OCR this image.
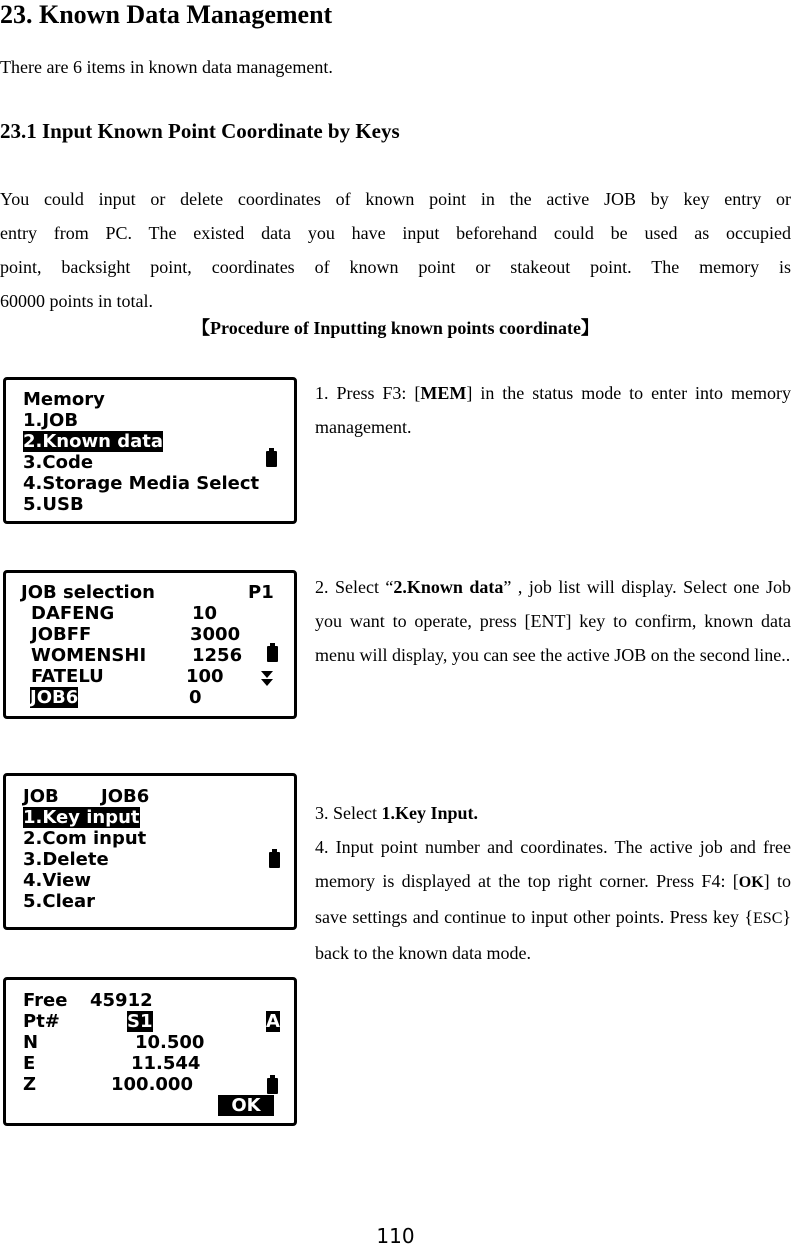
23. Known Data Management
There are 6 items in known data management.
23.1 Input Known Point Coordinate by Keys
You could input or delete coordinates of known point in the active JOB by key entry or
entry from PC. The existed data you have input beforehand could be used as occupied
point, backsight point, coordinates of known point or stakeout point. The memory is
60000 points in total.
【Procedure of Inputting known points coordinate】
Memory
1.JOB
2.Known data
3.Code
4.Storage Media Select
5.USB
1. Press F3: [MEM] in the status mode to enter into memory management.
JOB selection	P1
DAFENG	10
JOBFF	3000
WOMENSHI	1256
FATELU	100
JOB6	0
2. Select “2.Known data” , job list will display. Select one Job you want to operate, press [ENT] key to confirm, known data menu will display, you can see the active JOB on the second line..
JOB JOB6
1.Key input
2.Com input
3.Delete
4.View
5.Clear
3. Select 1.Key Input.
4. Input point number and coordinates. The active job and free memory is displayed at the top right corner. Press F4: [OK] to save settings and continue to input other points. Press key {ESC} back to the known data mode.
Free 45912
Pt#	S1	A
N	10.500
E	11.544
Z	100.000
OK
110
